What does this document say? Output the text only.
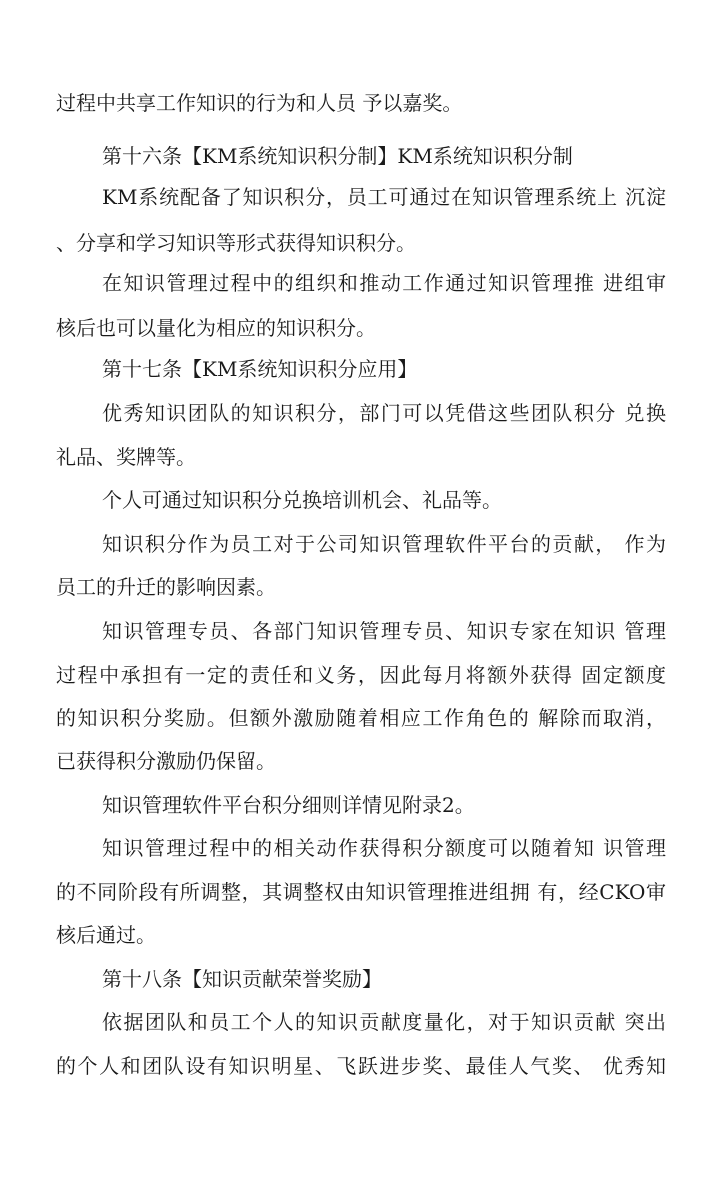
过程中共享工作知识的行为和人员 予以嘉奖。
第十六条【KM系统知识积分制】KM系统知识积分制
KM系统配备了知识积分，员工可通过在知识管理系统上 沉淀
、分享和学习知识等形式获得知识积分。
在知识管理过程中的组织和推动工作通过知识管理推 进组审
核后也可以量化为相应的知识积分。
第十七条【KM系统知识积分应用】
优秀知识团队的知识积分，部门可以凭借这些团队积分 兑换
礼品、奖牌等。
个人可通过知识积分兑换培训机会、礼品等。
知识积分作为员工对于公司知识管理软件平台的贡献， 作为
员工的升迁的影响因素。
知识管理专员、各部门知识管理专员、知识专家在知识 管理
过程中承担有一定的责任和义务，因此每月将额外获得 固定额度
的知识积分奖励。但额外激励随着相应工作角色的 解除而取消，
已获得积分激励仍保留。
知识管理软件平台积分细则详情见附录2。
知识管理过程中的相关动作获得积分额度可以随着知 识管理
的不同阶段有所调整，其调整权由知识管理推进组拥 有，经CKO审
核后通过。
第十八条【知识贡献荣誉奖励】
依据团队和员工个人的知识贡献度量化，对于知识贡献 突出
的个人和团队设有知识明星、飞跃进步奖、最佳人气奖、 优秀知
